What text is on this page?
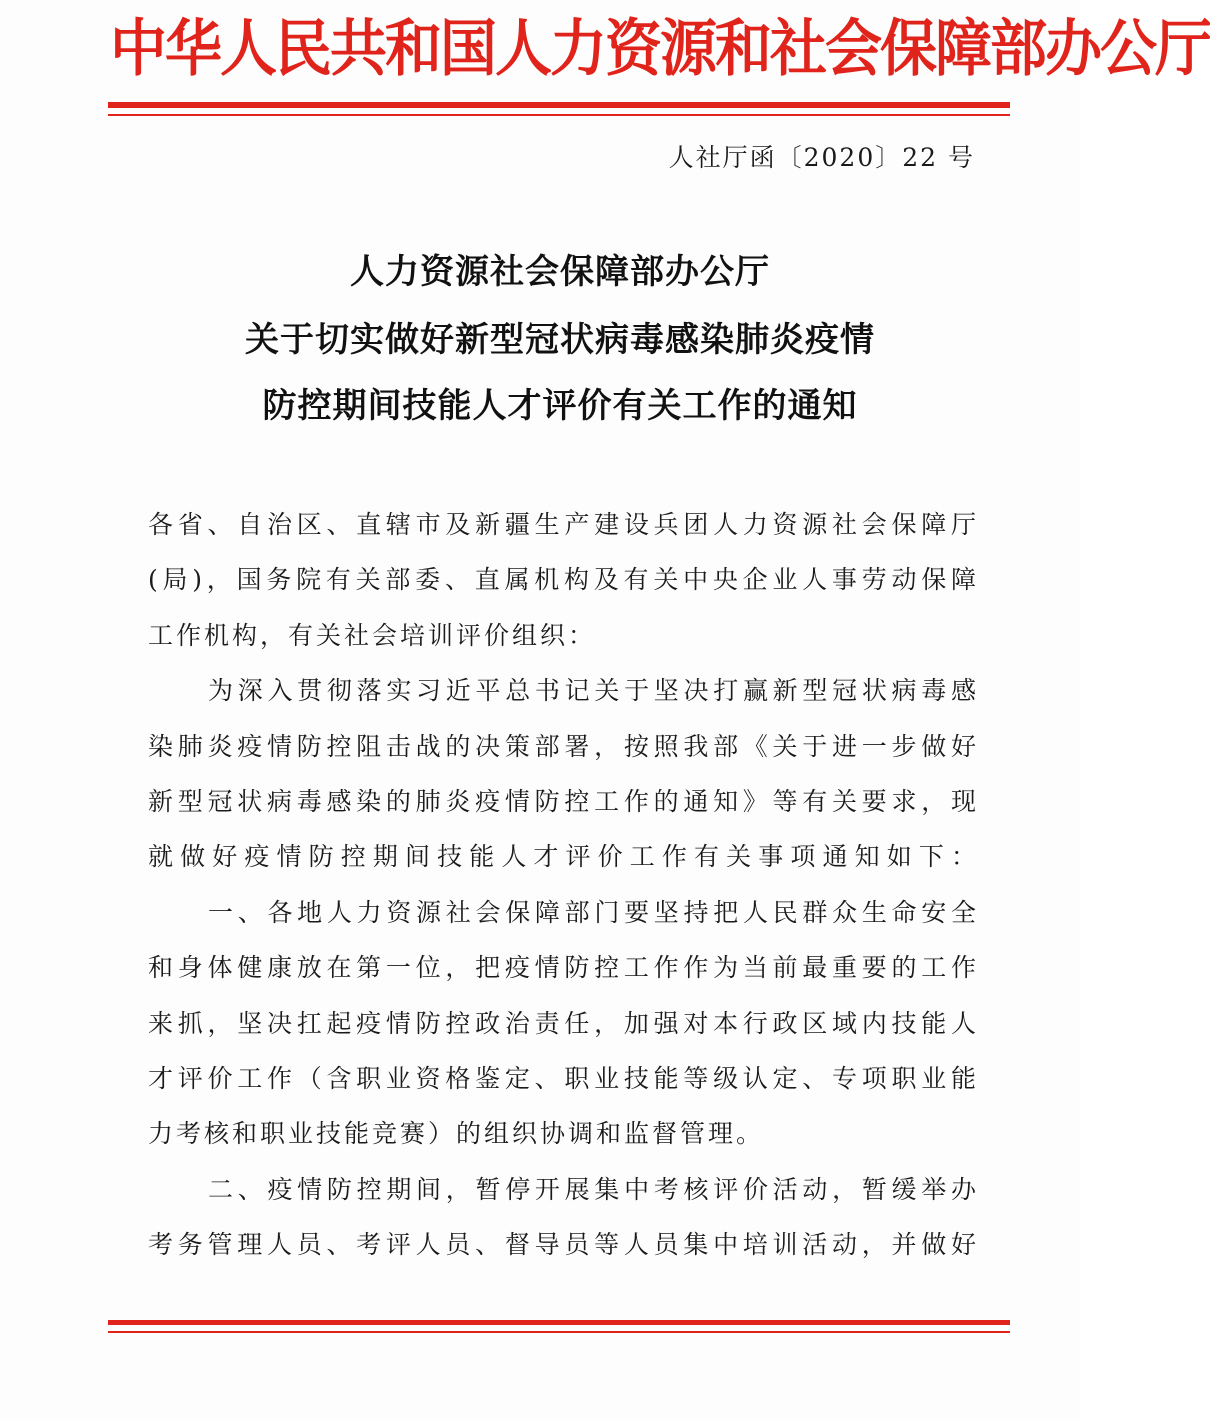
中华人民共和国人力资源和社会保障部办公厅
人社厅函〔2020〕22 号
人力资源社会保障部办公厅
关于切实做好新型冠状病毒感染肺炎疫情
防控期间技能人才评价有关工作的通知
各省、自治区、直辖市及新疆生产建设兵团人力资源社会保障厅
(局)，国务院有关部委、直属机构及有关中央企业人事劳动保障
工作机构，有关社会培训评价组织：
为深入贯彻落实习近平总书记关于坚决打赢新型冠状病毒感
染肺炎疫情防控阻击战的决策部署，按照我部《关于进一步做好
新型冠状病毒感染的肺炎疫情防控工作的通知》等有关要求，现
就做好疫情防控期间技能人才评价工作有关事项通知如下：
一、各地人力资源社会保障部门要坚持把人民群众生命安全
和身体健康放在第一位，把疫情防控工作作为当前最重要的工作
来抓，坚决扛起疫情防控政治责任，加强对本行政区域内技能人
才评价工作（含职业资格鉴定、职业技能等级认定、专项职业能
力考核和职业技能竞赛）的组织协调和监督管理。
二、疫情防控期间，暂停开展集中考核评价活动，暂缓举办
考务管理人员、考评人员、督导员等人员集中培训活动，并做好
